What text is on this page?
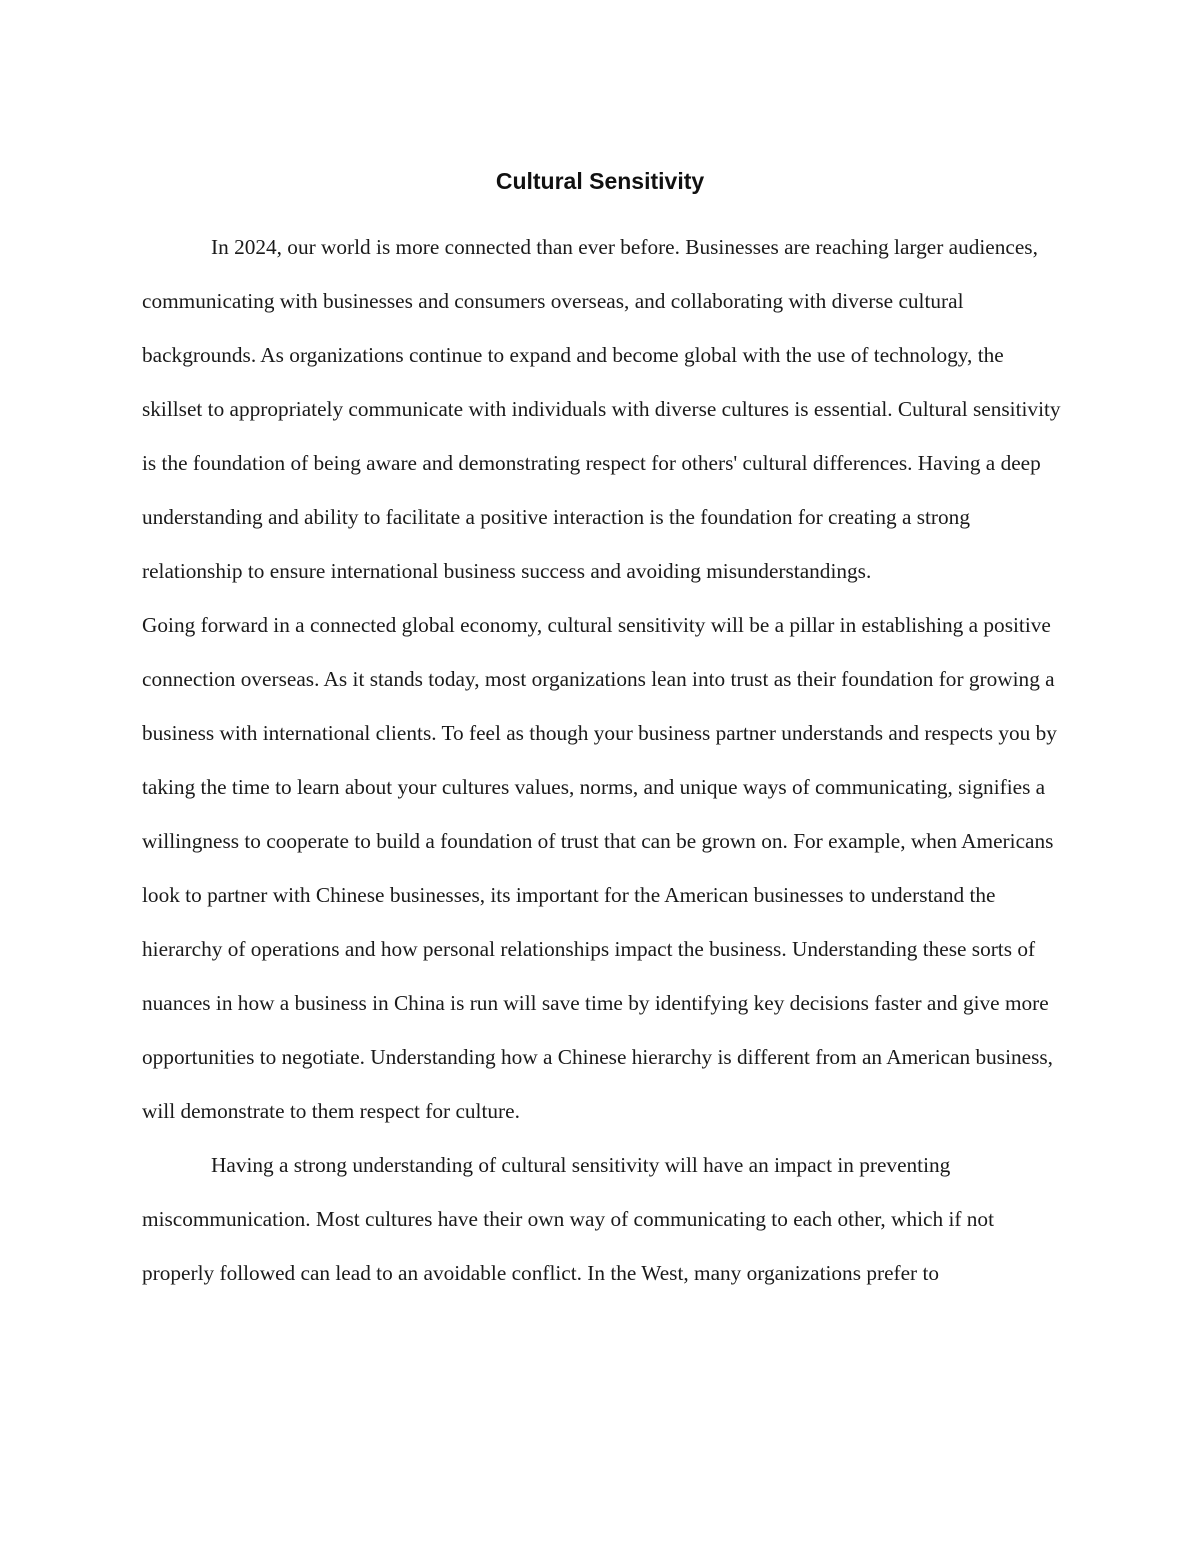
Cultural Sensitivity

In 2024, our world is more connected than ever before. Businesses are reaching larger audiences, communicating with businesses and consumers overseas, and collaborating with diverse cultural backgrounds. As organizations continue to expand and become global with the use of technology, the skillset to appropriately communicate with individuals with diverse cultures is essential. Cultural sensitivity is the foundation of being aware and demonstrating respect for others' cultural differences. Having a deep understanding and ability to facilitate a positive interaction is the foundation for creating a strong relationship to ensure international business success and avoiding misunderstandings.

Going forward in a connected global economy, cultural sensitivity will be a pillar in establishing a positive connection overseas. As it stands today, most organizations lean into trust as their foundation for growing a business with international clients. To feel as though your business partner understands and respects you by taking the time to learn about your cultures values, norms, and unique ways of communicating, signifies a willingness to cooperate to build a foundation of trust that can be grown on. For example, when Americans look to partner with Chinese businesses, its important for the American businesses to understand the hierarchy of operations and how personal relationships impact the business. Understanding these sorts of nuances in how a business in China is run will save time by identifying key decisions faster and give more opportunities to negotiate. Understanding how a Chinese hierarchy is different from an American business, will demonstrate to them respect for culture.

Having a strong understanding of cultural sensitivity will have an impact in preventing miscommunication. Most cultures have their own way of communicating to each other, which if not properly followed can lead to an avoidable conflict. In the West, many organizations prefer to
